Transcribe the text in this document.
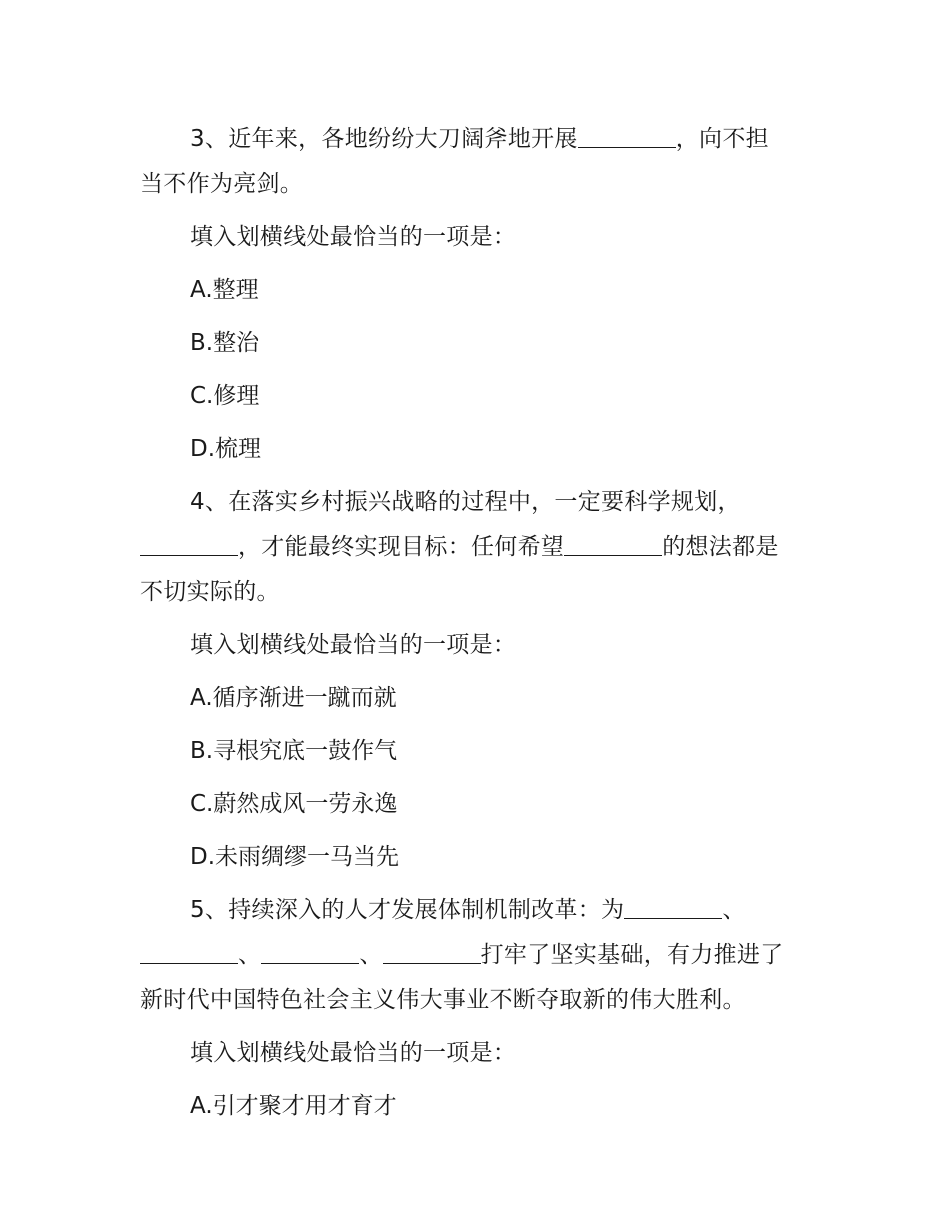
3、近年来，各地纷纷大刀阔斧地开展	，向不担
当不作为亮剑。
填入划横线处最恰当的一项是：
A.整理
B.整治
C.修理
D.梳理
4、在落实乡村振兴战略的过程中，一定要科学规划，
，才能最终实现目标：任何希望	的想法都是
不切实际的。
填入划横线处最恰当的一项是：
A.循序渐进一蹴而就
B.寻根究底一鼓作气
C.蔚然成风一劳永逸
D.未雨绸缪一马当先
5、持续深入的人才发展体制机制改革：为	、
、	、	打牢了坚实基础，有力推进了
新时代中国特色社会主义伟大事业不断夺取新的伟大胜利。
填入划横线处最恰当的一项是：
A.引才聚才用才育才
